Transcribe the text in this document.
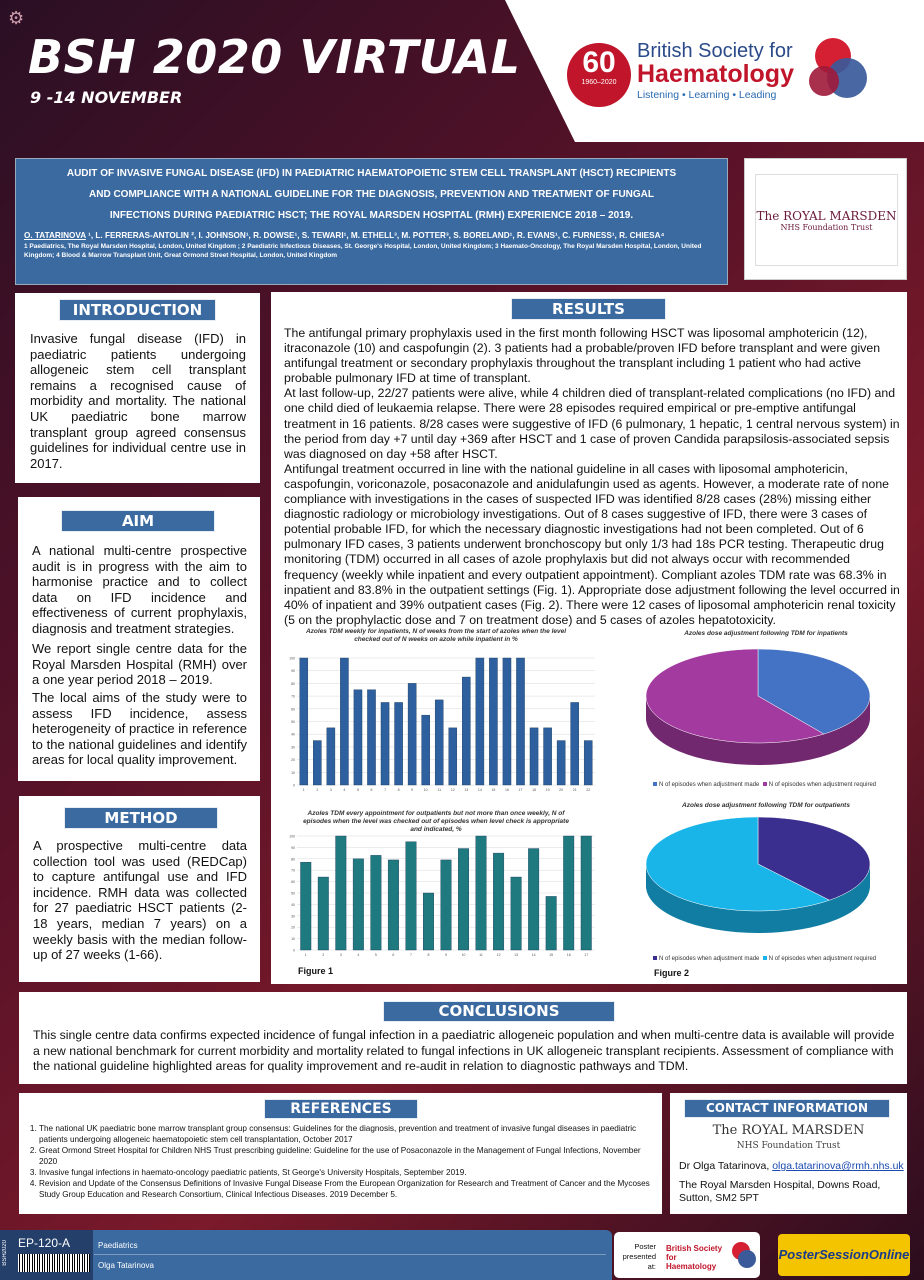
⚙
BSH 2020 VIRTUAL
9 -14 NOVEMBER
60
1960–2020
British Society for
Haematology
Listening • Learning • Leading
AUDIT OF INVASIVE FUNGAL DISEASE (IFD) IN PAEDIATRIC HAEMATOPOIETIC STEM CELL TRANSPLANT (HSCT) RECIPIENTS
AND COMPLIANCE WITH A NATIONAL GUIDELINE FOR THE DIAGNOSIS, PREVENTION AND TREATMENT OF FUNGAL
INFECTIONS DURING PAEDIATRIC HSCT; THE ROYAL MARSDEN HOSPITAL (RMH) EXPERIENCE 2018 – 2019.
O. TATARINOVA ¹, L. FERRERAS-ANTOLIN ², I. JOHNSON¹, R. DOWSE¹, S. TEWARI¹, M. ETHELL³, M. POTTER³, S. BORELAND¹, R. EVANS¹, C. FURNESS¹, R. CHIESA⁴
1 Paediatrics, The Royal Marsden Hospital, London, United Kingdom ; 2 Paediatric Infectious Diseases, St. George's Hospital, London, United Kingdom; 3 Haemato-Oncology, The Royal Marsden Hospital, London, United Kingdom; 4 Blood & Marrow Transplant Unit, Great Ormond Street Hospital, London, United Kingdom
The ROYAL MARSDEN
NHS Foundation Trust
INTRODUCTION
Invasive fungal disease (IFD) in paediatric patients undergoing allogeneic stem cell transplant remains a recognised cause of morbidity and mortality. The national UK paediatric bone marrow transplant group agreed consensus guidelines for individual centre use in 2017.
AIM
A national multi-centre prospective audit is in progress with the aim to harmonise practice and to collect data on IFD incidence and effectiveness of current prophylaxis, diagnosis and treatment strategies.
We report single centre data for the Royal Marsden Hospital (RMH) over a one year period 2018 – 2019.
The local aims of the study were to assess IFD incidence, assess heterogeneity of practice in reference to the national guidelines and identify areas for local quality improvement.
METHOD
A prospective multi-centre data collection tool was used (REDCap) to capture antifungal use and IFD incidence. RMH data was collected for 27 paediatric HSCT patients (2-18 years, median 7 years) on a weekly basis with the median follow-up of 27 weeks (1-66).
RESULTS
The antifungal primary prophylaxis used in the first month following HSCT was liposomal amphotericin (12), itraconazole (10) and caspofungin (2). 3 patients had a probable/proven IFD before transplant and were given antifungal treatment or secondary prophylaxis throughout the transplant including 1 patient who had active probable pulmonary IFD at time of transplant.
At last follow-up, 22/27 patients were alive, while 4 children died of transplant-related complications (no IFD) and one child died of leukaemia relapse. There were 28 episodes required empirical or pre-emptive antifungal treatment in 16 patients. 8/28 cases were suggestive of IFD (6 pulmonary, 1 hepatic, 1 central nervous system) in the period from day +7 until day +369 after HSCT and 1 case of proven Candida parapsilosis-associated sepsis was diagnosed on day +58 after HSCT.
Antifungal treatment occurred in line with the national guideline in all cases with liposomal amphotericin, caspofungin, voriconazole, posaconazole and anidulafungin used as agents. However, a moderate rate of none compliance with investigations in the cases of suspected IFD was identified 8/28 cases (28%) missing either diagnostic radiology or microbiology investigations. Out of 8 cases suggestive of IFD, there were 3 cases of potential probable IFD, for which the necessary diagnostic investigations had not been completed. Out of 6 pulmonary IFD cases, 3 patients underwent bronchoscopy but only 1/3 had 18s PCR testing. Therapeutic drug monitoring (TDM) occurred in all cases of azole prophylaxis but did not always occur with recommended frequency (weekly while inpatient and every outpatient appointment). Compliant azoles TDM rate was 68.3% in inpatient and 83.8% in the outpatient settings (Fig. 1). Appropriate dose adjustment following the level occurred in 40% of inpatient and 39% outpatient cases (Fig. 2). There were 12 cases of liposomal amphotericin renal toxicity (5 on the prophylactic dose and 7 on treatment dose) and 5 cases of azoles hepatotoxicity.
Azoles TDM weekly for inpatients, N of weeks from the start of azoles when the level checked out of N weeks on azole while inpatient in %
0
10
20
30
40
50
60
70
80
90
100
1	2	3	4	5	6	7	8	9	10	11	12	13	14	15	16	17	18	19	20	21	22
Azoles dose adjustment following TDM for inpatients
N of episodes when adjustment made N of episodes when adjustment required
Azoles TDM every appointment for outpatients but not more than once weekly, N of episodes when the level was checked out of episodes when level check is appropriate and indicated, %
0
10
20
30
40
50
60
70
80
90
100
1	2	3	4	5	6	7	8	9	10	11	12	13	14	15	16	17
Figure 1
Azoles dose adjustment following TDM for outpatients
N of episodes when adjustment made N of episodes when adjustment required
Figure 2
CONCLUSIONS
This single centre data confirms expected incidence of fungal infection in a paediatric allogeneic population and when multi-centre data is available will provide a new national benchmark for current morbidity and mortality related to fungal infections in UK allogeneic transplant recipients. Assessment of compliance with the national guideline highlighted areas for quality improvement and re-audit in relation to diagnostic pathways and TDM.
REFERENCES
1. The national UK paediatric bone marrow transplant group consensus: Guidelines for the diagnosis, prevention and treatment of invasive fungal diseases in paediatric patients undergoing allogeneic haematopoietic stem cell transplantation, October 2017
2. Great Ormond Street Hospital for Children NHS Trust prescribing guideline: Guideline for the use of Posaconazole in the Management of Fungal Infections, November 2020
3. Invasive fungal infections in haemato-oncology paediatric patients, St George's University Hospitals, September 2019.
4. Revision and Update of the Consensus Definitions of Invasive Fungal Disease From the European Organization for Research and Treatment of Cancer and the Mycoses Study Group Education and Research Consortium, Clinical Infectious Diseases. 2019 December 5.
CONTACT INFORMATION
The ROYAL MARSDEN
NHS Foundation Trust
Dr Olga Tatarinova, olga.tatarinova@rmh.nhs.uk
The Royal Marsden Hospital, Downs Road, Sutton, SM2 5PT
BSH2020 EP-120-A	Paediatrics
Olga Tatarinova
Poster presented at:
British Society for Haematology
PosterSessionOnline
